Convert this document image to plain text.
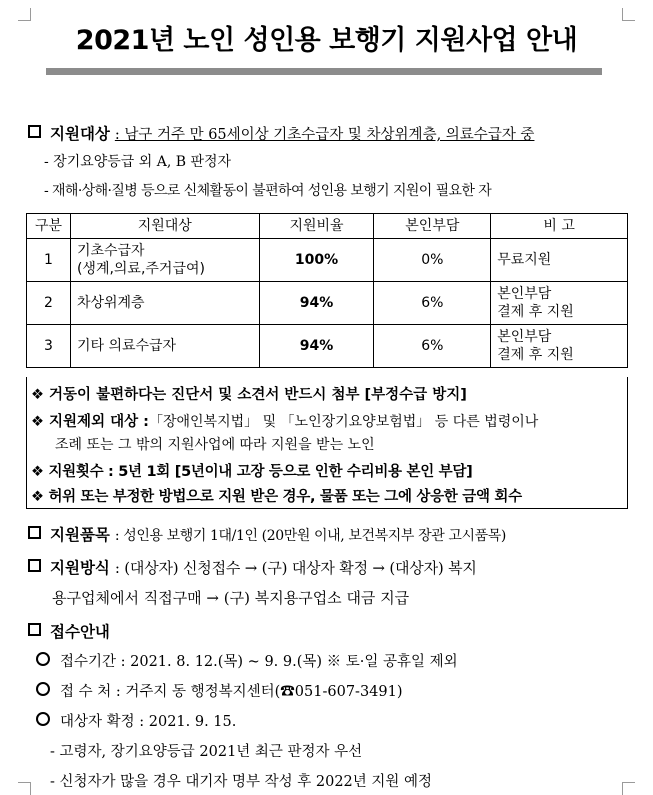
2021년 노인 성인용 보행기 지원사업 안내
지원대상 : 남구 거주 만 65세이상 기초수급자 및 차상위계층, 의료수급자 중
- 장기요양등급 외 A, B 판정자
- 재해·상해·질병 등으로 신체활동이 불편하여 성인용 보행기 지원이 필요한 자
구분	지원대상	지원비율	본인부담	비 고
1	기초수급자
(생계,의료,주거급여)	100%	0%	무료지원
2	차상위계층	94%	6%	본인부담
결제 후 지원
3	기타 의료수급자	94%	6%	본인부담
결제 후 지원
❖ 거동이 불편하다는 진단서 및 소견서 반드시 첨부 [부정수급 방지]
❖ 지원제외 대상 :「장애인복지법」 및 「노인장기요양보험법」 등 다른 법령이나
조례 또는 그 밖의 지원사업에 따라 지원을 받는 노인
❖ 지원횟수 : 5년 1회 [5년이내 고장 등으로 인한 수리비용 본인 부담]
❖ 허위 또는 부정한 방법으로 지원 받은 경우, 물품 또는 그에 상응한 금액 회수
지원품목 : 성인용 보행기 1대/1인 (20만원 이내, 보건복지부 장관 고시품목)
지원방식 : (대상자) 신청접수 → (구) 대상자 확정 → (대상자) 복지
용구업체에서 직접구매 → (구) 복지용구업소 대금 지급
접수안내
접수기간 : 2021. 8. 12.(목) ~ 9. 9.(목) ※ 토·일 공휴일 제외
접 수 처 : 거주지 동 행정복지센터(☎051-607-3491)
대상자 확정 : 2021. 9. 15.
- 고령자, 장기요양등급 2021년 최근 판정자 우선
- 신청자가 많을 경우 대기자 명부 작성 후 2022년 지원 예정
